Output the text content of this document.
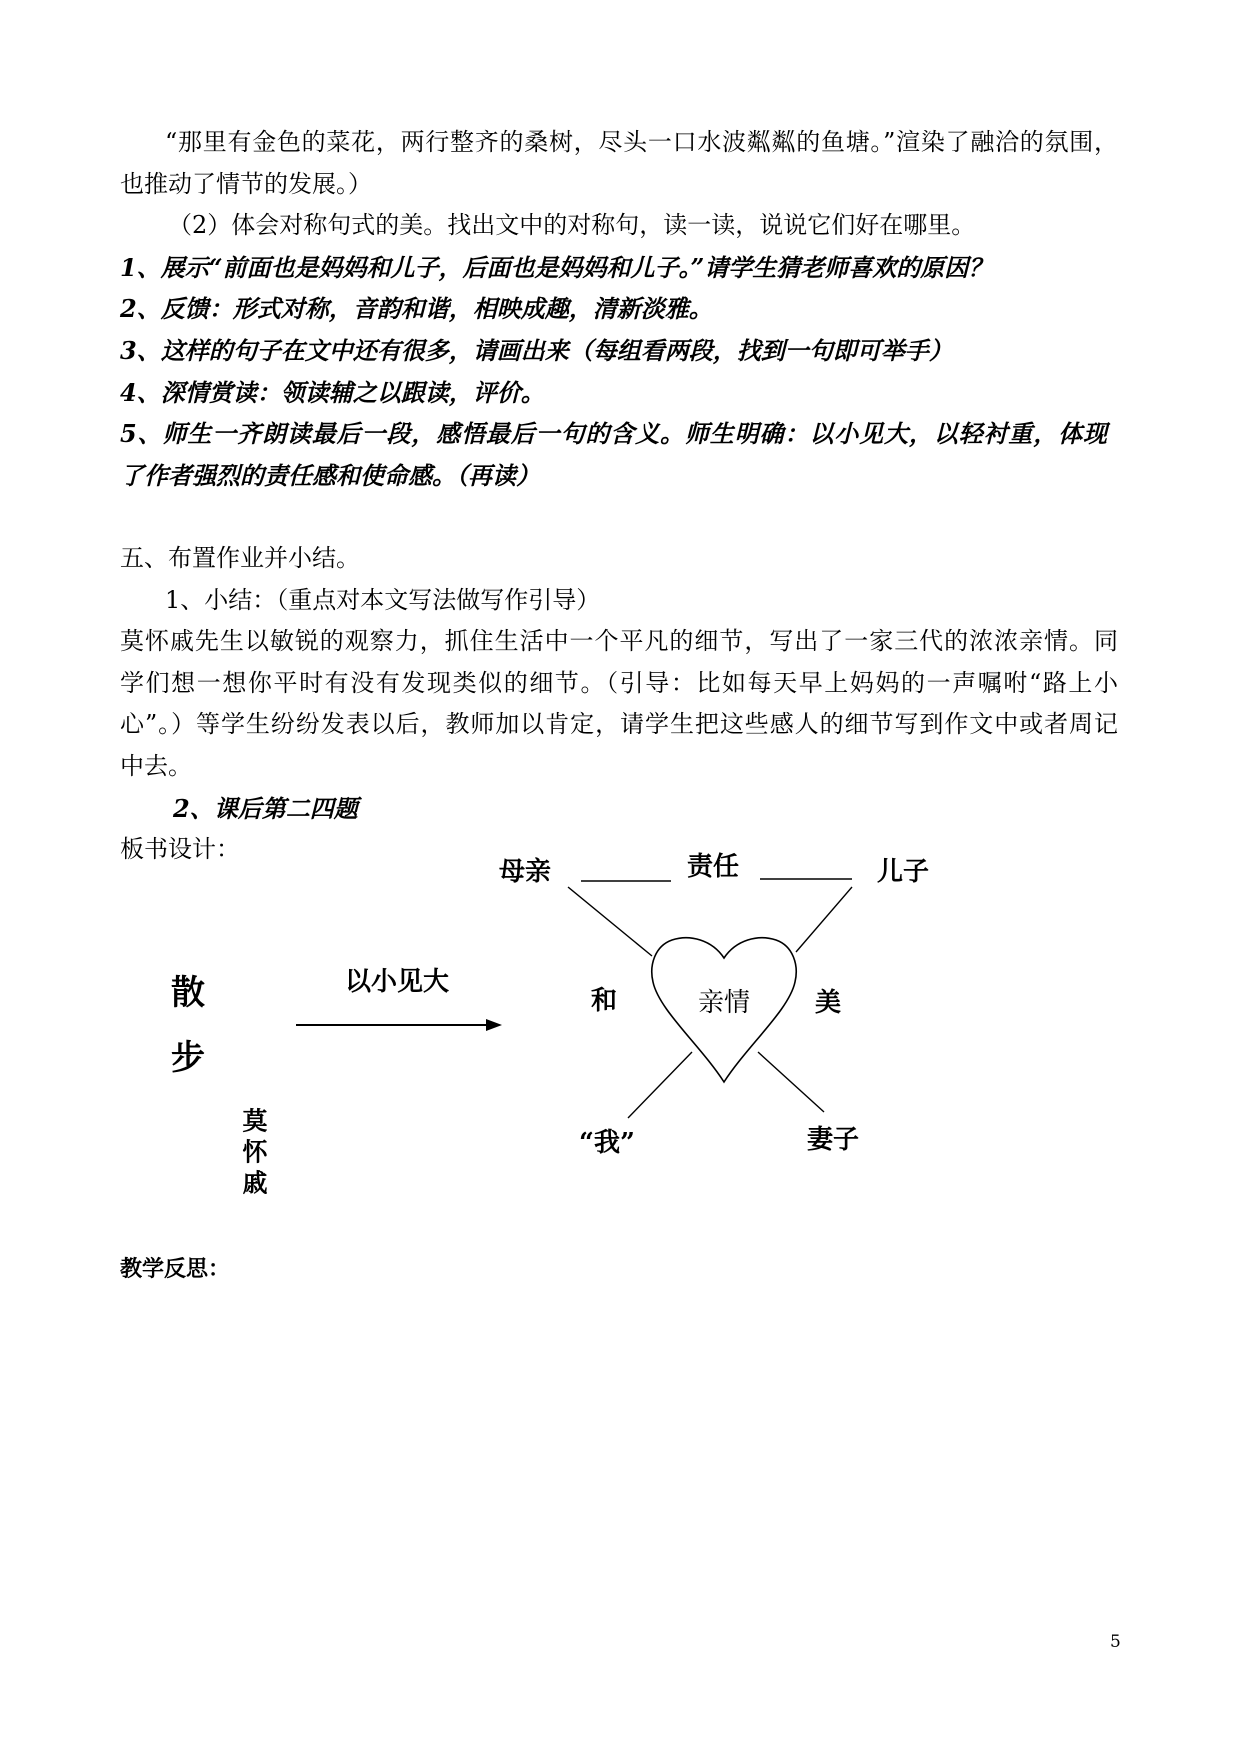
“那里有金色的菜花，两行整齐的桑树，尽头一口水波粼粼的鱼塘。”渲染了融洽的氛围，
也推动了情节的发展。）
（2）体会对称句式的美。找出文中的对称句，读一读，说说它们好在哪里。
1、展示“前面也是妈妈和儿子，后面也是妈妈和儿子。”请学生猜老师喜欢的原因？
2、反馈：形式对称，音韵和谐，相映成趣，清新淡雅。
3、这样的句子在文中还有很多，请画出来（每组看两段，找到一句即可举手）
4、深情赏读：领读辅之以跟读，评价。
5、师生一齐朗读最后一段，感悟最后一句的含义。师生明确：以小见大，以轻衬重，体现
了作者强烈的责任感和使命感。（再读）
五、布置作业并小结。
1、小结：（重点对本文写法做写作引导）
莫怀戚先生以敏锐的观察力，抓住生活中一个平凡的细节，写出了一家三代的浓浓亲情。同
学们想一想你平时有没有发现类似的细节。（引导：比如每天早上妈妈的一声嘱咐“路上小
心”。）等学生纷纷发表以后，教师加以肯定，请学生把这些感人的细节写到作文中或者周记
中去。
2、课后第二四题
板书设计：
母亲	责任	儿子
亲情
和	美
“我”	妻子
散
步
莫
怀
戚
以小见大
教学反思：
5
